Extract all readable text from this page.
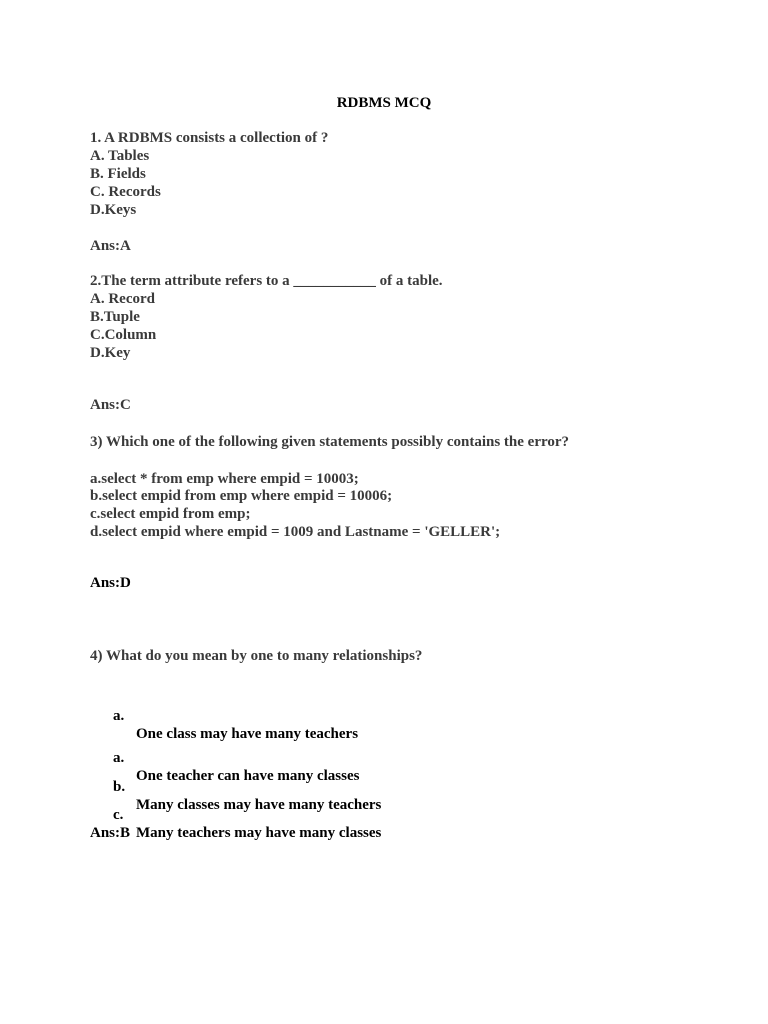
RDBMS MCQ
1. A RDBMS consists a collection of ?
A. Tables
B. Fields
C. Records
D.Keys
Ans:A
2.The term attribute refers to a ___________ of a table.
A. Record
B.Tuple
C.Column
D.Key
Ans:C
3) Which one of the following given statements possibly contains the error?
a.select * from emp where empid = 10003;
b.select empid from emp where empid = 10006;
c.select empid from emp;
d.select empid where empid = 1009 and Lastname = 'GELLER';
Ans:D
4) What do you mean by one to many relationships?

a.

One class may have many teachers

a.

One teacher can have many classes

b.

Many classes may have many teachers

c.

Many teachers may have many classes

Ans:B
